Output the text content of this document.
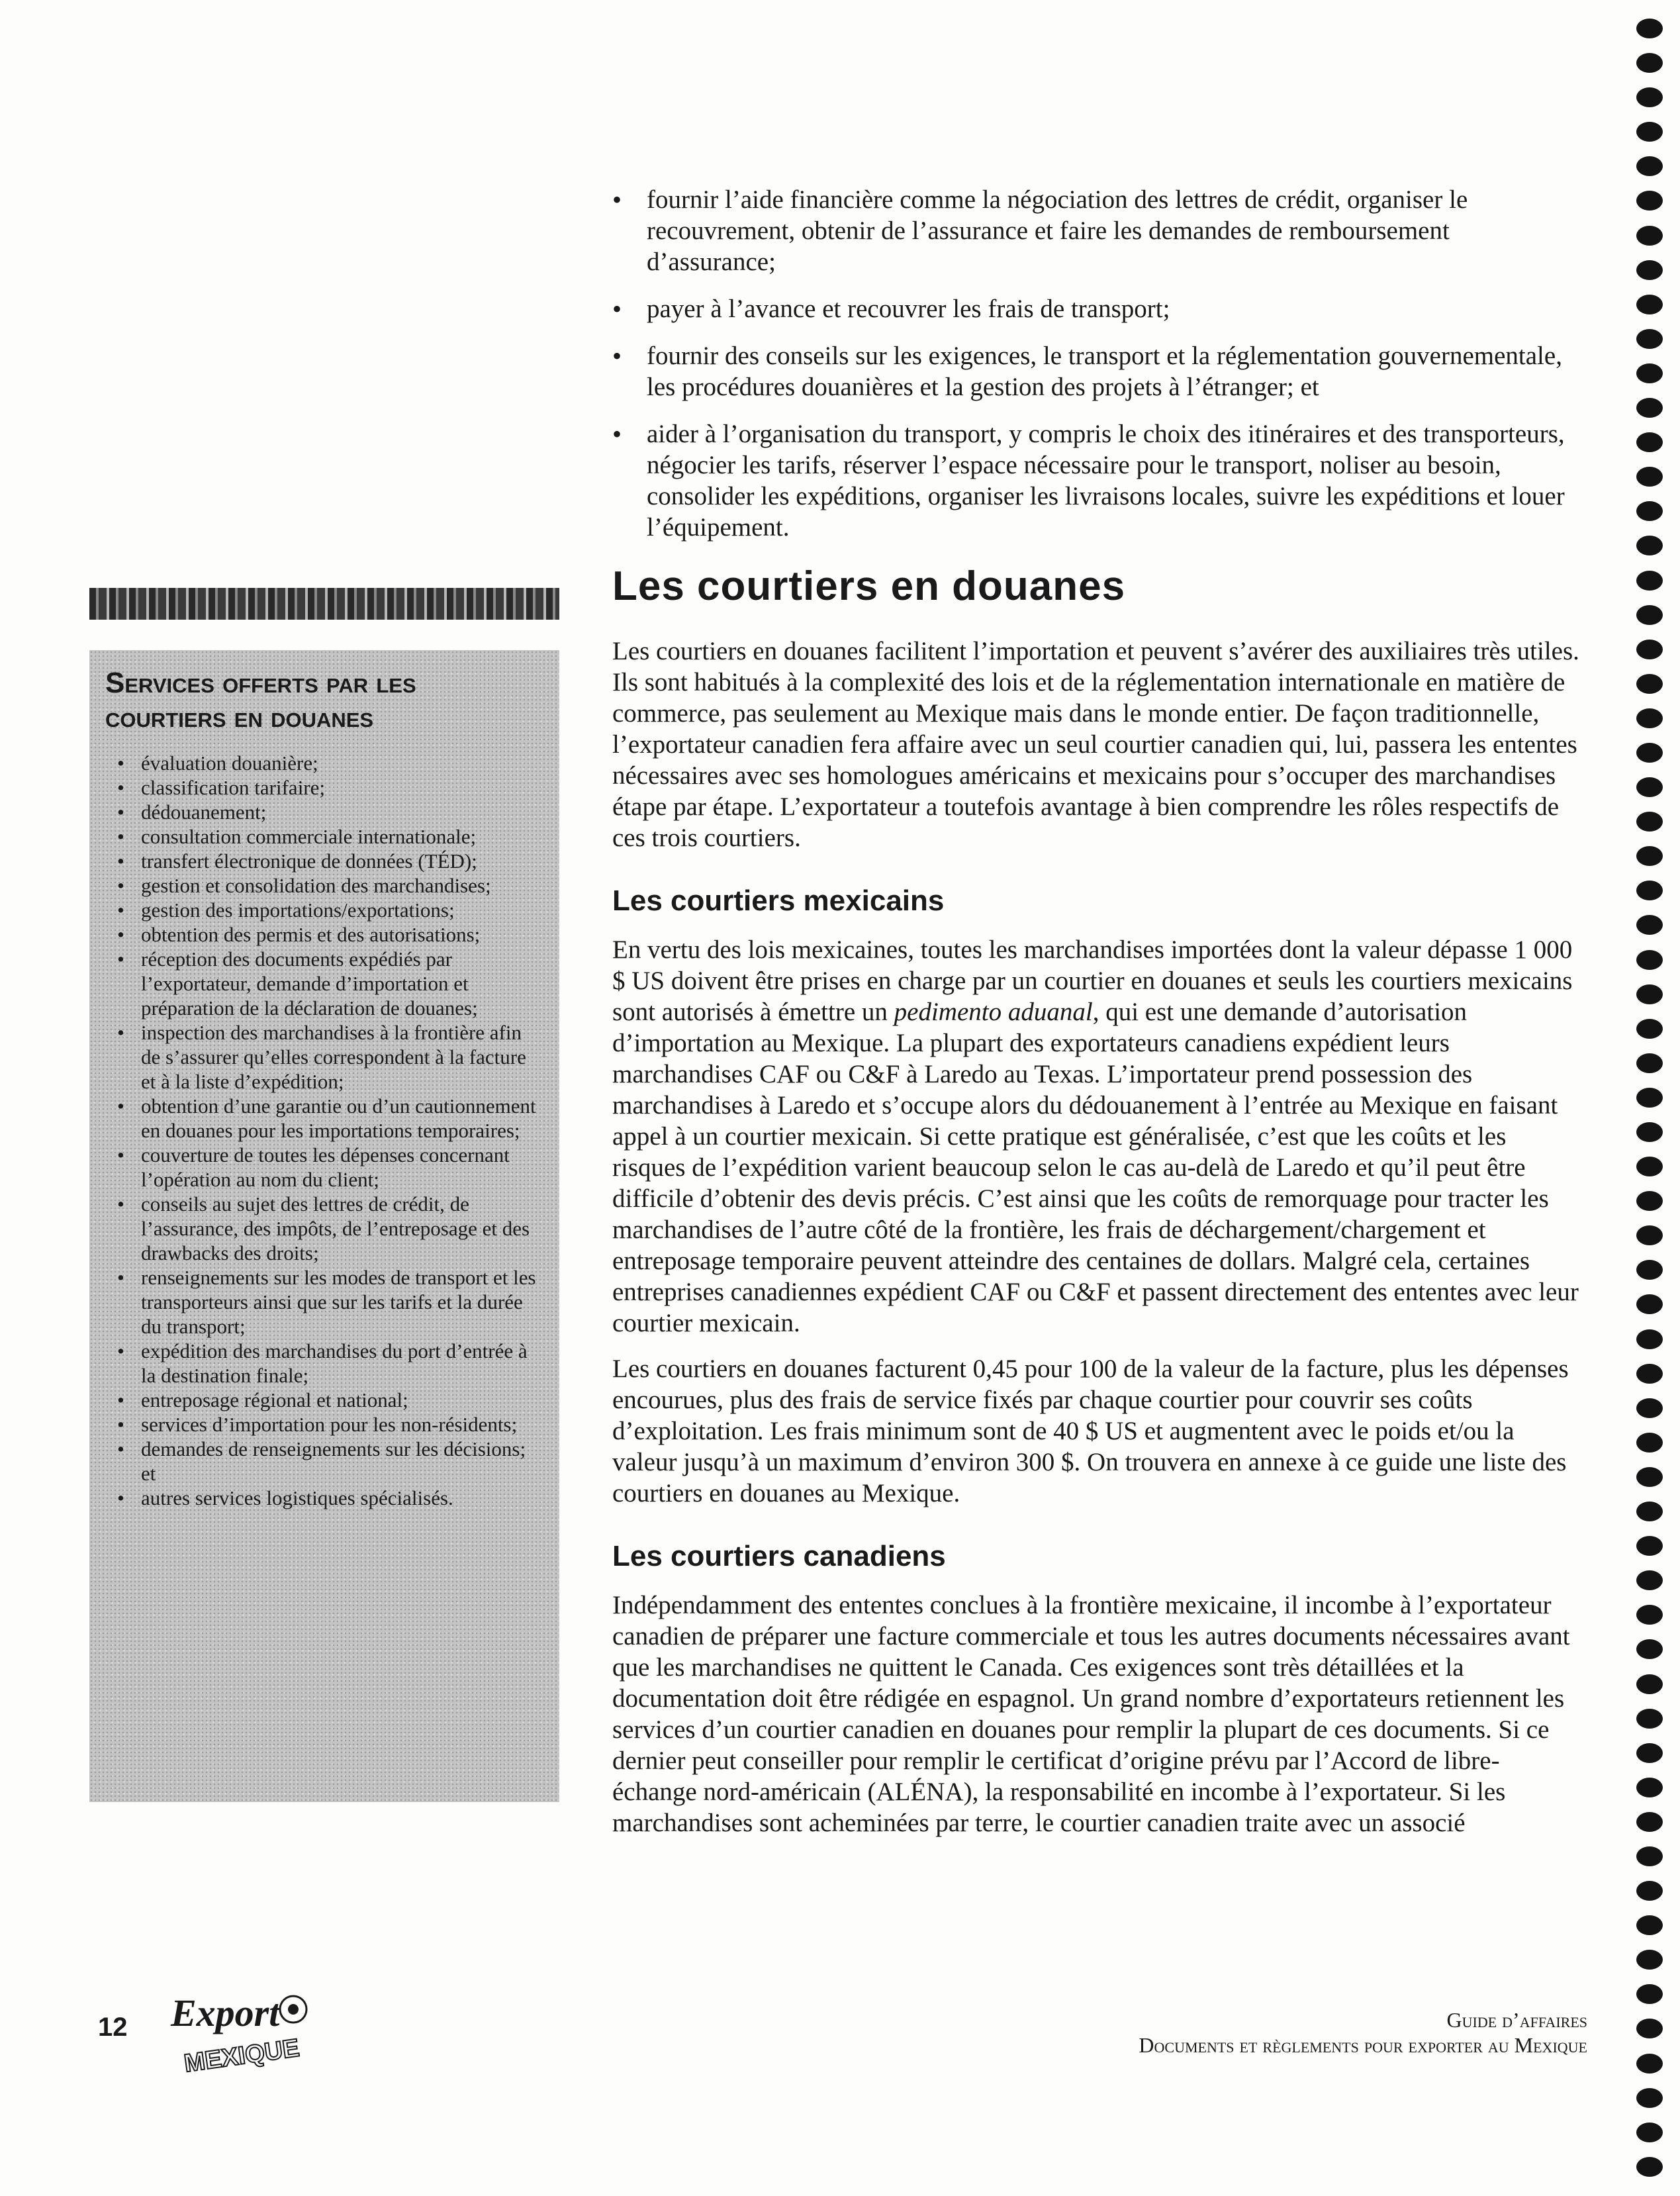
• fournir l’aide financière comme la négociation des lettres de crédit, organiser le recouvrement, obtenir de l’assurance et faire les demandes de remboursement d’assurance;
• payer à l’avance et recouvrer les frais de transport;
• fournir des conseils sur les exigences, le transport et la réglementation gouvernementale, les procédures douanières et la gestion des projets à l’étranger; et
• aider à l’organisation du transport, y compris le choix des itinéraires et des transporteurs, négocier les tarifs, réserver l’espace nécessaire pour le transport, noliser au besoin, consolider les expéditions, organiser les livraisons locales, suivre les expéditions et louer l’équipement.
Les courtiers en douanes

Les courtiers en douanes facilitent l’importation et peuvent s’avérer des auxiliaires très utiles. Ils sont habitués à la complexité des lois et de la réglementation internationale en matière de commerce, pas seulement au Mexique mais dans le monde entier. De façon traditionnelle, l’exportateur canadien fera affaire avec un seul courtier canadien qui, lui, passera les ententes nécessaires avec ses homologues américains et mexicains pour s’occuper des marchandises étape par étape. L’exportateur a toutefois avantage à bien comprendre les rôles respectifs de ces trois courtiers.

Les courtiers mexicains

En vertu des lois mexicaines, toutes les marchandises importées dont la valeur dépasse 1 000 $ US doivent être prises en charge par un courtier en douanes et seuls les courtiers mexicains sont autorisés à émettre un pedimento aduanal, qui est une demande d’autorisation d’importation au Mexique. La plupart des exportateurs canadiens expédient leurs marchandises CAF ou C&F à Laredo au Texas. L’importateur prend possession des marchandises à Laredo et s’occupe alors du dédouanement à l’entrée au Mexique en faisant appel à un courtier mexicain. Si cette pratique est généralisée, c’est que les coûts et les risques de l’expédition varient beaucoup selon le cas au-delà de Laredo et qu’il peut être difficile d’obtenir des devis précis. C’est ainsi que les coûts de remorquage pour tracter les marchandises de l’autre côté de la frontière, les frais de déchargement/chargement et entreposage temporaire peuvent atteindre des centaines de dollars. Malgré cela, certaines entreprises canadiennes expédient CAF ou C&F et passent directement des ententes avec leur courtier mexicain.

Les courtiers en douanes facturent 0,45 pour 100 de la valeur de la facture, plus les dépenses encourues, plus des frais de service fixés par chaque courtier pour couvrir ses coûts d’exploitation. Les frais minimum sont de 40 $ US et augmentent avec le poids et/ou la valeur jusqu’à un maximum d’environ 300 $. On trouvera en annexe à ce guide une liste des courtiers en douanes au Mexique.

Les courtiers canadiens

Indépendamment des ententes conclues à la frontière mexicaine, il incombe à l’exportateur canadien de préparer une facture commerciale et tous les autres documents nécessaires avant que les marchandises ne quittent le Canada. Ces exigences sont très détaillées et la documentation doit être rédigée en espagnol. Un grand nombre d’exportateurs retiennent les services d’un courtier canadien en douanes pour remplir la plupart de ces documents. Si ce dernier peut conseiller pour remplir le certificat d’origine prévu par l’Accord de libre-échange nord-américain (ALÉNA), la responsabilité en incombe à l’exportateur. Si les marchandises sont acheminées par terre, le courtier canadien traite avec un associé

Services offerts par les
courtiers en douanes
• évaluation douanière;
• classification tarifaire;
• dédouanement;
• consultation commerciale internationale;
• transfert électronique de données (TÉD);
• gestion et consolidation des marchandises;
• gestion des importations/exportations;
• obtention des permis et des autorisations;
• réception des documents expédiés par l’exportateur, demande d’importation et préparation de la déclaration de douanes;
• inspection des marchandises à la frontière afin de s’assurer qu’elles correspondent à la facture et à la liste d’expédition;
• obtention d’une garantie ou d’un cautionnement en douanes pour les importations temporaires;
• couverture de toutes les dépenses concernant l’opération au nom du client;
• conseils au sujet des lettres de crédit, de l’assurance, des impôts, de l’entreposage et des drawbacks des droits;
• renseignements sur les modes de transport et les transporteurs ainsi que sur les tarifs et la durée du transport;
• expédition des marchandises du port d’entrée à la destination finale;
• entreposage régional et national;
• services d’importation pour les non-résidents;
• demandes de renseignements sur les décisions; et
• autres services logistiques spécialisés.
12 Export
MEXIQUE
Guide d’affaires
Documents et règlements pour exporter au Mexique
